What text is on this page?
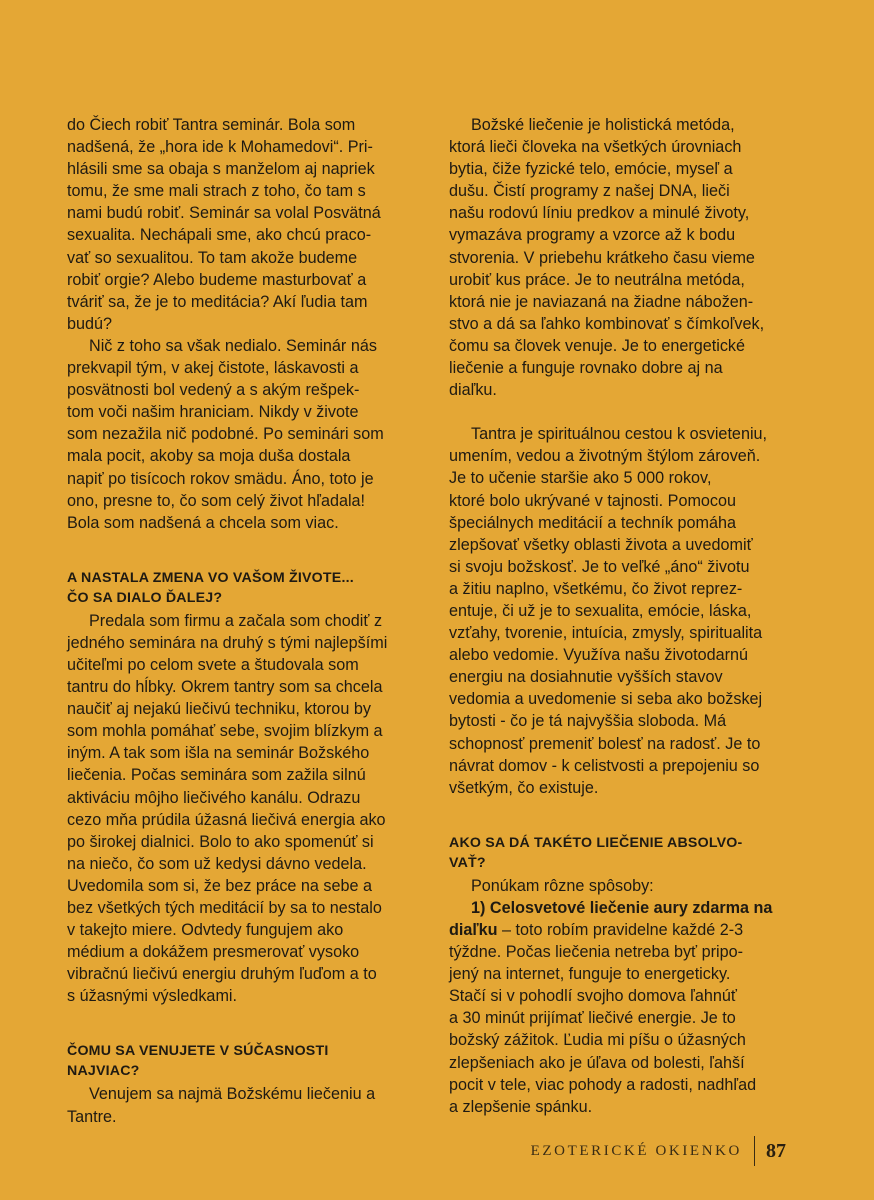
do Čiech robiť Tantra seminár. Bola som
nadšená, že „hora ide k Mohamedovi“. Pri-
hlásili sme sa obaja s manželom aj napriek
tomu, že sme mali strach z toho, čo tam s
nami budú robiť. Seminár sa volal Posvätná
sexualita. Nechápali sme, ako chcú praco-
vať so sexualitou. To tam akože budeme
robiť orgie? Alebo budeme masturbovať a
tváriť sa, že je to meditácia? Akí ľudia tam
budú?
Nič z toho sa však nedialo. Seminár nás
prekvapil tým, v akej čistote, láskavosti a
posvätnosti bol vedený a s akým rešpek-
tom voči našim hraniciam. Nikdy v živote
som nezažila nič podobné. Po seminári som
mala pocit, akoby sa moja duša dostala
napiť po tisícoch rokov smädu. Áno, toto je
ono, presne to, čo som celý život hľadala!
Bola som nadšená a chcela som viac.
A NASTALA ZMENA VO VAŠOM ŽIVOTE...
ČO SA DIALO ĎALEJ?
Predala som firmu a začala som chodiť z
jedného seminára na druhý s tými najlepšími
učiteľmi po celom svete a študovala som
tantru do hĺbky. Okrem tantry som sa chcela
naučiť aj nejakú liečivú techniku, ktorou by
som mohla pomáhať sebe, svojim blízkym a
iným. A tak som išla na seminár Božského
liečenia. Počas seminára som zažila silnú
aktiváciu môjho liečivého kanálu. Odrazu
cezo mňa prúdila úžasná liečivá energia ako
po širokej dialnici. Bolo to ako spomenúť si
na niečo, čo som už kedysi dávno vedela.
Uvedomila som si, že bez práce na sebe a
bez všetkých tých meditácií by sa to nestalo
v takejto miere. Odvtedy fungujem ako
médium a dokážem presmerovať vysoko
vibračnú liečivú energiu druhým ľuďom a to
s úžasnými výsledkami.
ČOMU SA VENUJETE V SÚČASNOSTI
NAJVIAC?
Venujem sa najmä Božskému liečeniu a
Tantre.
Božské liečenie je holistická metóda,
ktorá lieči človeka na všetkých úrovniach
bytia, čiže fyzické telo, emócie, myseľ a
dušu. Čistí programy z našej DNA, lieči
našu rodovú líniu predkov a minulé životy,
vymazáva programy a vzorce až k bodu
stvorenia. V priebehu krátkeho času vieme
urobiť kus práce. Je to neutrálna metóda,
ktorá nie je naviazaná na žiadne nábožen-
stvo a dá sa ľahko kombinovať s čímkoľvek,
čomu sa človek venuje. Je to energetické
liečenie a funguje rovnako dobre aj na
diaľku.
Tantra je spirituálnou cestou k osvieteniu,
umením, vedou a životným štýlom zároveň.
Je to učenie staršie ako 5 000 rokov,
ktoré bolo ukrývané v tajnosti. Pomocou
špeciálnych meditácií a techník pomáha
zlepšovať všetky oblasti života a uvedomiť
si svoju božskosť. Je to veľké „áno“ životu
a žitiu naplno, všetkému, čo život reprez-
entuje, či už je to sexualita, emócie, láska,
vzťahy, tvorenie, intuícia, zmysly, spiritualita
alebo vedomie. Využíva našu životodarnú
energiu na dosiahnutie vyšších stavov
vedomia a uvedomenie si seba ako božskej
bytosti - čo je tá najvyššia sloboda. Má
schopnosť premeniť bolesť na radosť. Je to
návrat domov - k celistvosti a prepojeniu so
všetkým, čo existuje.
AKO SA DÁ TAKÉTO LIEČENIE ABSOLVO-
VAŤ?
Ponúkam rôzne spôsoby:
1) Celosvetové liečenie aury zdarma na
diaľku – toto robím pravidelne každé 2-3
týždne. Počas liečenia netreba byť pripo-
jený na internet, funguje to energeticky.
Stačí si v pohodlí svojho domova ľahnúť
a 30 minút prijímať liečivé energie. Je to
božský zážitok. Ľudia mi píšu o úžasných
zlepšeniach ako je úľava od bolesti, ľahší
pocit v tele, viac pohody a radosti, nadhľad
a zlepšenie spánku.
EZOTERICKÉ OKIENKO 87
